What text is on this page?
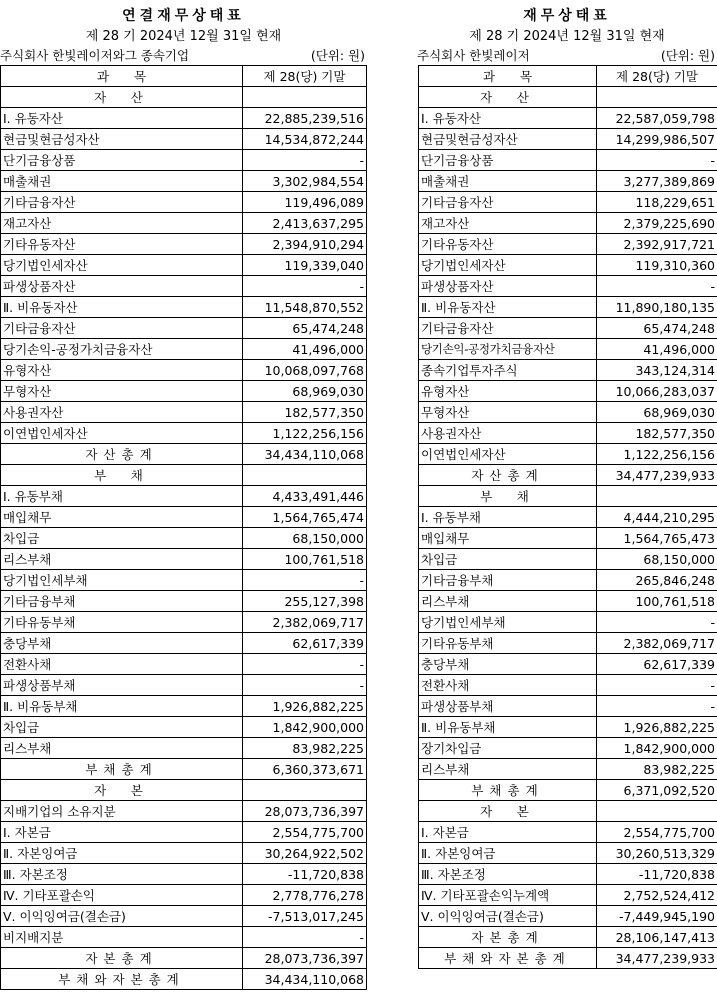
연결재무상태표
제 28 기 2024년 12월 31일 현재
주식회사 한빛레이저와그 종속기업	(단위: 원)
과　　목	제 28(당) 기말
자　산	
Ⅰ. 유동자산	22,885,239,516
현금및현금성자산	14,534,872,244
단기금융상품	-
매출채권	3,302,984,554
기타금융자산	119,496,089
재고자산	2,413,637,295
기타유동자산	2,394,910,294
당기법인세자산	119,339,040
파생상품자산	-
Ⅱ. 비유동자산	11,548,870,552
기타금융자산	65,474,248
당기손익-공정가치금융자산	41,496,000
유형자산	10,068,097,768
무형자산	68,969,030
사용권자산	182,577,350
이연법인세자산	1,122,256,156
자산총계	34,434,110,068
부　채	
Ⅰ. 유동부채	4,433,491,446
매입채무	1,564,765,474
차입금	68,150,000
리스부채	100,761,518
당기법인세부채	-
기타금융부채	255,127,398
기타유동부채	2,382,069,717
충당부채	62,617,339
전환사채	-
파생상품부채	-
Ⅱ. 비유동부채	1,926,882,225
차입금	1,842,900,000
리스부채	83,982,225
부채총계	6,360,373,671
자　본	
지배기업의 소유지분	28,073,736,397
Ⅰ. 자본금	2,554,775,700
Ⅱ. 자본잉여금	30,264,922,502
Ⅲ. 자본조정	-11,720,838
Ⅳ. 기타포괄손익	2,778,776,278
Ⅴ. 이익잉여금(결손금)	-7,513,017,245
비지배지분	-
자본총계	28,073,736,397
부채와자본총계	34,434,110,068
재무상태표
제 28 기 2024년 12월 31일 현재
주식회사 한빛레이저	(단위: 원)
과　　목	제 28(당) 기말
자　산	
Ⅰ. 유동자산	22,587,059,798
현금및현금성자산	14,299,986,507
단기금융상품	-
매출채권	3,277,389,869
기타금융자산	118,229,651
재고자산	2,379,225,690
기타유동자산	2,392,917,721
당기법인세자산	119,310,360
파생상품자산	-
Ⅱ. 비유동자산	11,890,180,135
기타금융자산	65,474,248
당기손익-공정가치금융자산	41,496,000
종속기업투자주식	343,124,314
유형자산	10,066,283,037
무형자산	68,969,030
사용권자산	182,577,350
이연법인세자산	1,122,256,156
자산총계	34,477,239,933
부　채	
Ⅰ. 유동부채	4,444,210,295
매입채무	1,564,765,473
차입금	68,150,000
기타금융부채	265,846,248
리스부채	100,761,518
당기법인세부채	-
기타유동부채	2,382,069,717
충당부채	62,617,339
전환사채	-
파생상품부채	-
Ⅱ. 비유동부채	1,926,882,225
장기차입금	1,842,900,000
리스부채	83,982,225
부채총계	6,371,092,520
자　본	
Ⅰ. 자본금	2,554,775,700
Ⅱ. 자본잉여금	30,260,513,329
Ⅲ. 자본조정	-11,720,838
Ⅳ. 기타포괄손익누계액	2,752,524,412
Ⅴ. 이익잉여금(결손금)	-7,449,945,190
자본총계	28,106,147,413
부채와자본총계	34,477,239,933
